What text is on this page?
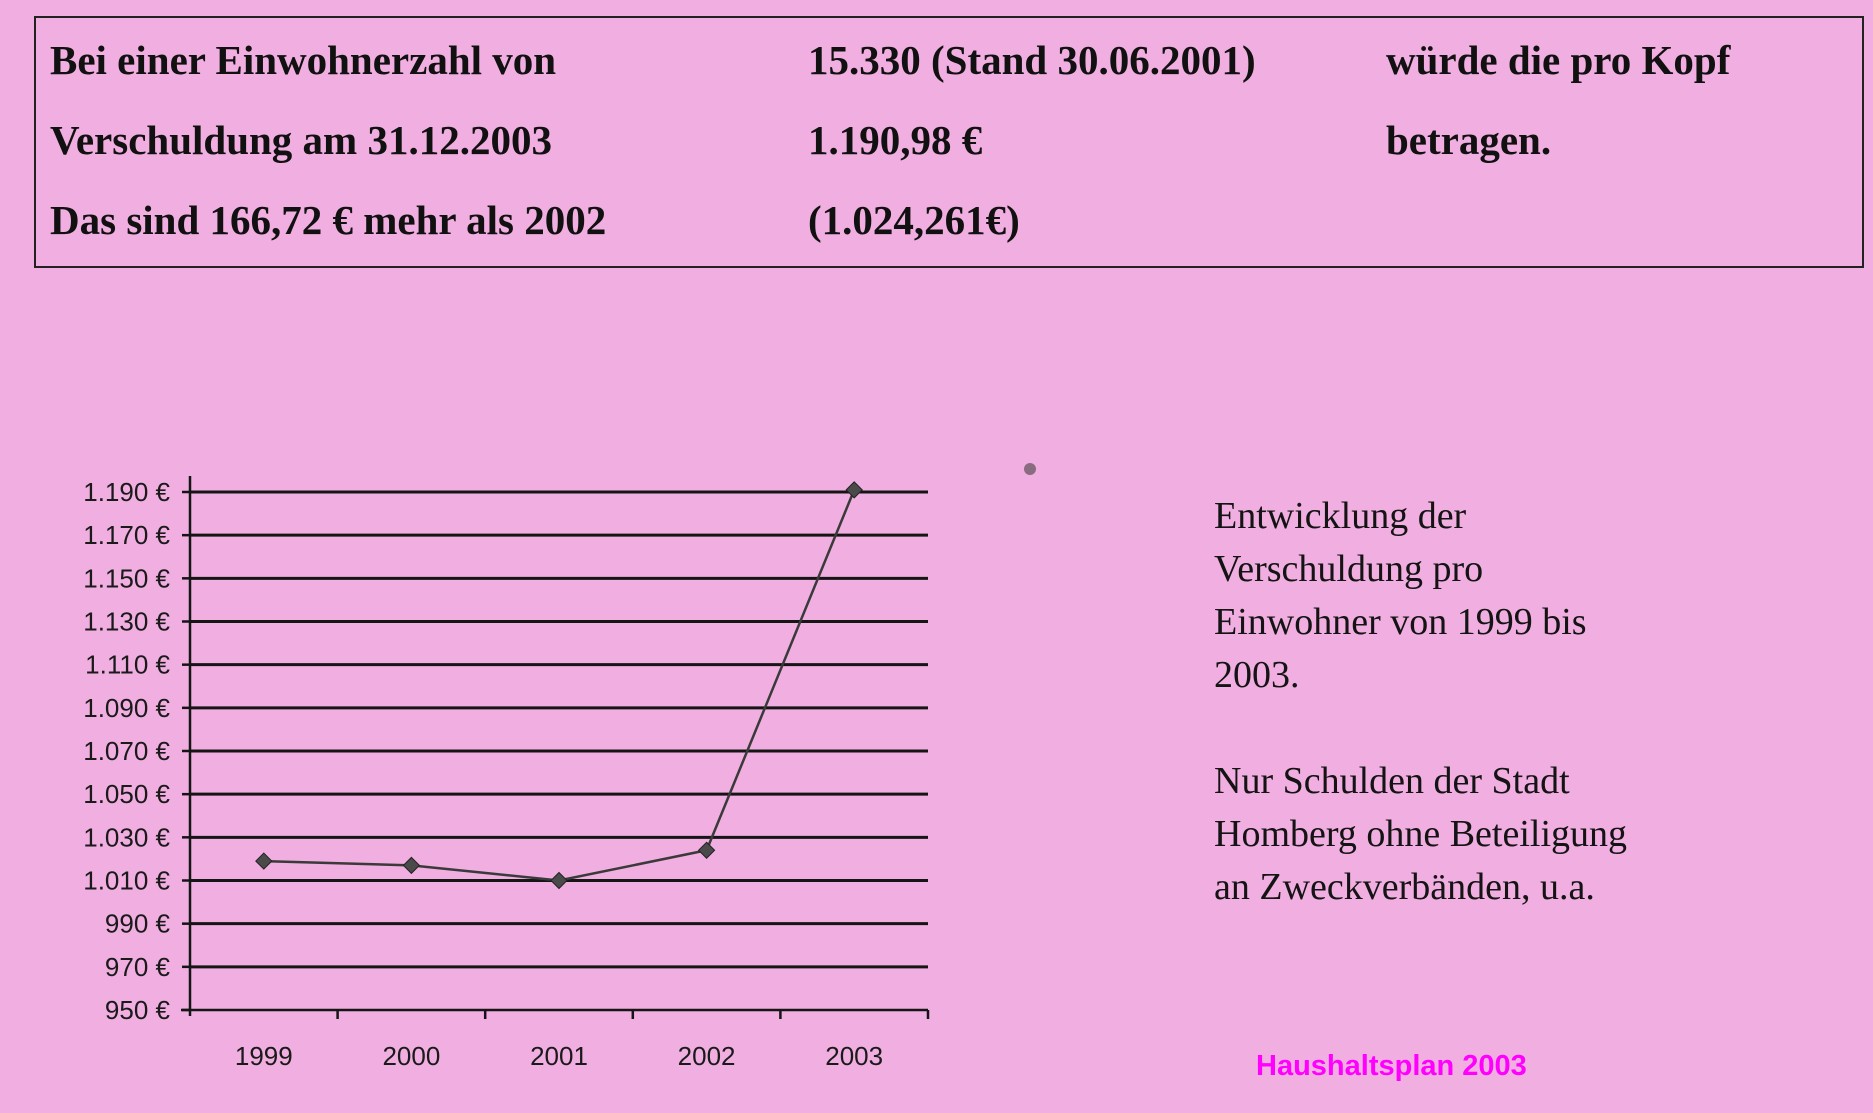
Bei einer Einwohnerzahl von	15.330 (Stand 30.06.2001)	würde die pro Kopf
Verschuldung am 31.12.2003	1.190,98 €	betragen.
Das sind 166,72 € mehr als 2002	(1.024,261€)
950 €
970 €
990 €
1.010 €
1.030 €
1.050 €
1.070 €
1.090 €
1.110 €
1.130 €
1.150 €
1.170 €
1.190 €
1999	2000	2001	2002	2003

Entwicklung der

Verschuldung pro

Einwohner von 1999 bis

2003.

Nur Schulden der Stadt

Homberg ohne Beteiligung

an Zweckverbänden, u.a.

Haushaltsplan 2003
